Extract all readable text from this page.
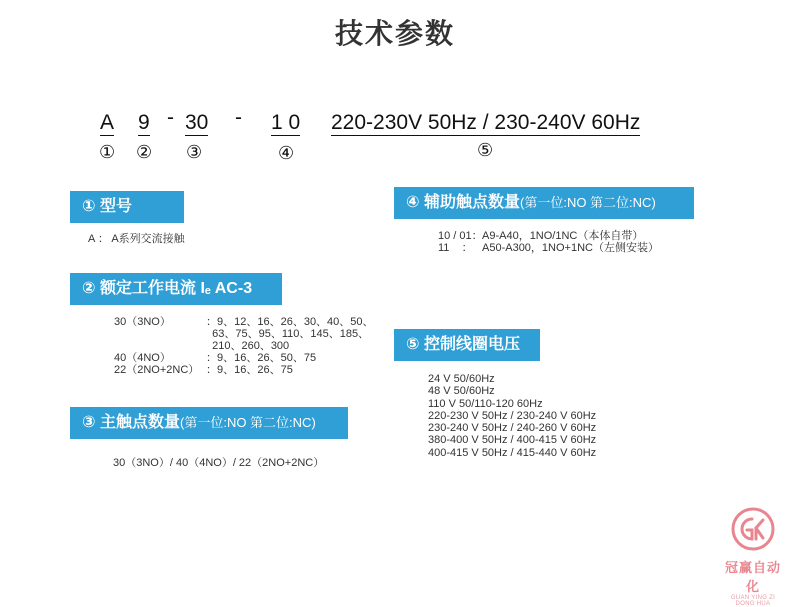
技术参数
A 9 - 30 - 1 0 220-230V 50Hz / 230-240V 60Hz
① ② ③	④	⑤
① 型号
A ： A系列交流接触
② 额定工作电流 Iₑ AC-3
30（3NO）	：9、12、16、26、30、40、50、
63、75、95、110、145、185、
210、260、300
40（4NO）	：9、16、26、50、75
22（2NO+2NC） ：9、16、26、75
③ 主触点数量(第一位:NO 第二位:NC)
30（3NO）/ 40（4NO）/ 22（2NO+2NC）
④ 辅助触点数量(第一位:NO 第二位:NC)
10 / 01： A9-A40，1NO/1NC（本体自带）
11    ： A50-A300，1NO+1NC（左侧安装）
⑤ 控制线圈电压
24 V 50/60Hz
48 V 50/60Hz
110 V 50/110-120 60Hz
220-230 V 50Hz / 230-240 V 60Hz
230-240 V 50Hz / 240-260 V 60Hz
380-400 V 50Hz / 400-415 V 60Hz
400-415 V 50Hz / 415-440 V 60Hz
冠赢自动化
GUAN YING ZI DONG HUA
